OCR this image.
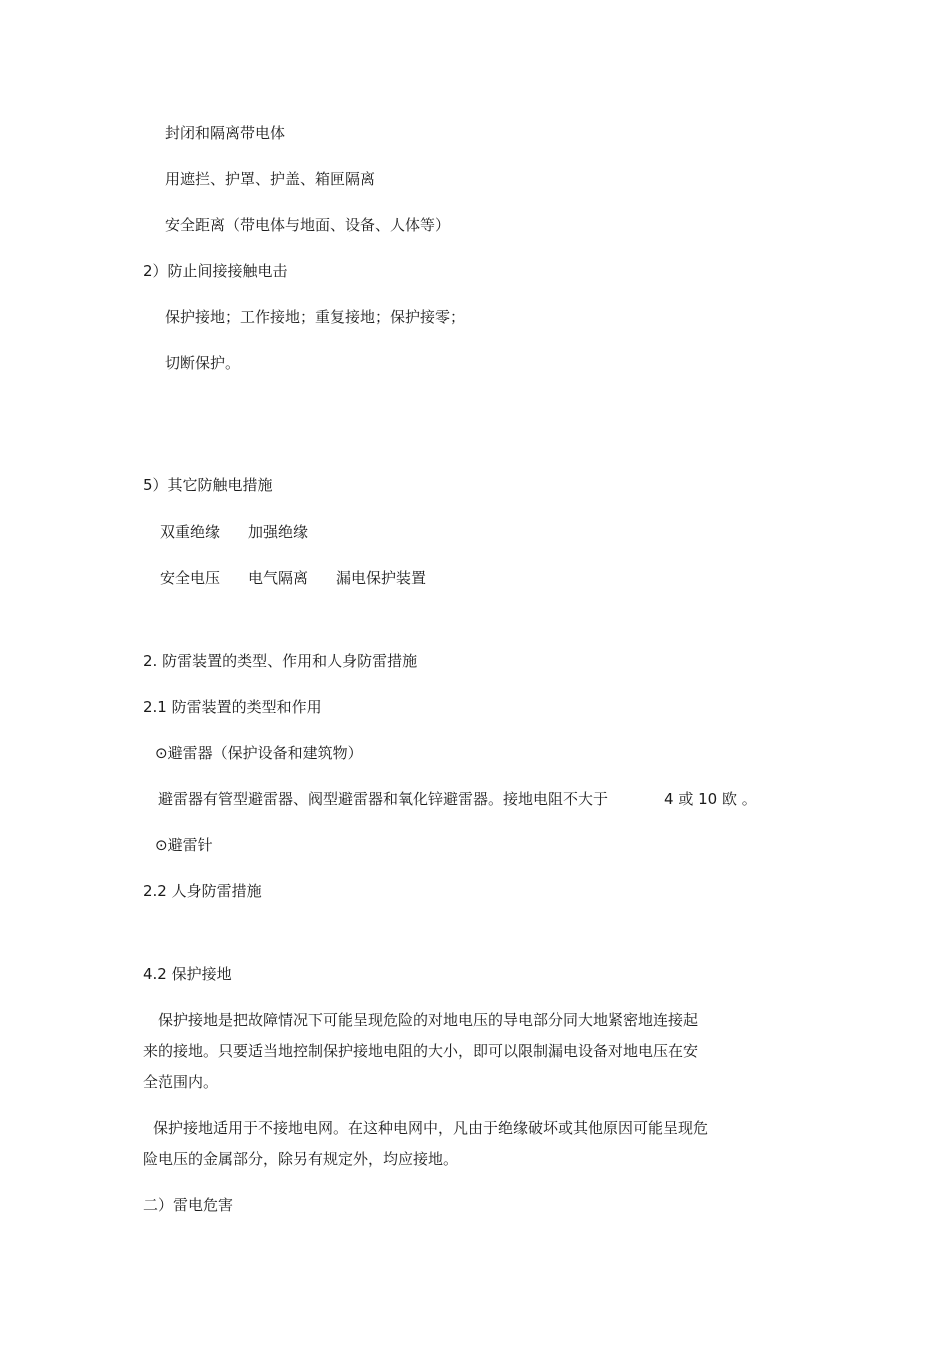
封闭和隔离带电体
用遮拦、护罩、护盖、箱匣隔离
安全距离（带电体与地面、设备、人体等）
2）防止间接接触电击
保护接地；工作接地；重复接地；保护接零；
切断保护。
5）其它防触电措施
双重绝缘 加强绝缘
安全电压 电气隔离 漏电保护装置
2. 防雷装置的类型、作用和人身防雷措施
2.1 防雷装置的类型和作用
⊙避雷器（保护设备和建筑物）
避雷器有管型避雷器、阀型避雷器和氧化锌避雷器。接地电阻不大于	4 或 10 欧 。
⊙避雷针
2.2 人身防雷措施
4.2 保护接地
保护接地是把故障情况下可能呈现危险的对地电压的导电部分同大地紧密地连接起
来的接地。只要适当地控制保护接地电阻的大小，即可以限制漏电设备对地电压在安
全范围内。
保护接地适用于不接地电网。在这种电网中，凡由于绝缘破坏或其他原因可能呈现危
险电压的金属部分，除另有规定外，均应接地。
二）雷电危害
